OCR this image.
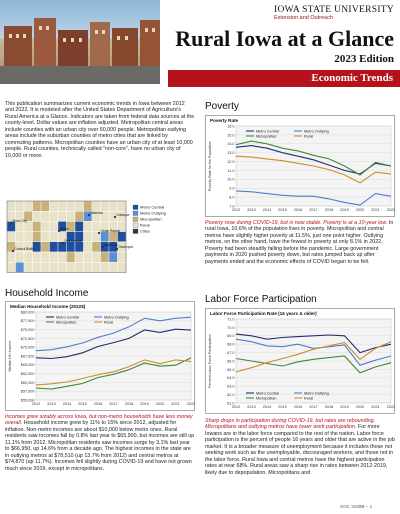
IOWA STATE UNIVERSITY
Extension and Outreach
Rural Iowa at a Glance
2023 Edition
Economic Trends

This publication summarizes current economic trends in Iowa between 2012 and 2022. It is modeled after the United States Department of Agriculture's Rural America at a Glance. Indicators are taken from federal data sources at the county-level. Dollar values are inflation adjusted. Metropolitan central areas include counties with an urban city over 50,000 people. Metropolitan outlying areas include the suburban counties of metro cities that are linked by commuting patterns. Micropolitan counties have an urban city of at least 10,000 people. Rural counties, technically called "non-core", have no urban city of 10,000 or more.

Sioux City
Des Moines
Iowa City Davenport
Dubuque
Cedar Rapids
Ames
Waterloo
Council Bluffs
Metro Central
Metro Outlying
Micropolitan
Rural
Cities
Household Income
Median Household Income (2022$)
$55,000
$57,500
$60,000
$62,500
$65,000
$67,500
$70,000
$72,500
$75,000
$77,500
$80,000
2012 2013 2014 2015 2016 2017 2018 2019 2020 2021 2022
Median HH Income
Metro Central	Metro Outlying
Micropolitan	Rural

Incomes grew sizably across Iowa, but non-metro households have less money overall. Household income grew by 11% to 15% since 2012, adjusted for inflation. Non-metro incomes are about $10,000 below metro ones. Rural residents saw incomes fall by 0.8% last year to $65,900, but incomes are still up 11.1% from 2012. Micropolitan residents saw incomes surge by 3.1% last year to $66,950, up 14.6% from a decade ago. The highest incomes in the state are in outlying metros at $78,510 (up 13.7% from 2012) and central metros at $74,870 (up 11.7%). Incomes fell slightly during COVID-19 and have not grown much since 2019, except in micropolitans.

Poverty
Poverty Rate
7.0
8.0
9.0
10.0
11.0
12.0
13.0
14.0
15.0
16.0
2012 2013 2014 2015 2016 2017 2018 2019 2020 2021 2022
Poverty Rate for the Population
Metro Central	Metro Outlying
Micropolitan	Rural

Poverty rose during COVID-19, but is now stable. Poverty is at a 10-year low. In rural Iowa, 10.6% of the population lives in poverty. Micropolitan and central metros have slightly higher poverty at 11.5%, just one point higher. Outlying metros, on the other hand, have the fewest in poverty at only 8.1% in 2022. Poverty had been steadily falling before the pandemic. Large government payments in 2020 pushed poverty down, but rates jumped back up after payments ended and the economic effects of COVID began to be felt.

Labor Force Participation
Labor Force Participation Rate (16 years & older)
61.0
62.0
63.0
64.0
65.0
66.0
67.0
68.0
69.0
70.0
71.0
2012 2013 2014 2015 2016 2017 2018 2019 2020 2021 2022
Percent Labor Force Participation
Metro Central	Metro Outlying
Micropolitan	Rural

Sharp drops in participation during COVID-19, but rates are rebounding. Micropolitans and outlying metros have lower work participation. For more Iowans are in the labor force compared to the rest of the nation. Labor force participation is the percent of people 16 years and older that are active in the job market. It is a broader measure of unemployment because it includes those not seeking work such as the unemployable, discouraged workers, and those not in the labor force. Rural Iowa and central metros have the highest participation rates at near 68%. Rural areas saw a sharp rise in rates between 2012-2019, likely due to depopulation. Micropolitans and

SOC 3109B – 1
